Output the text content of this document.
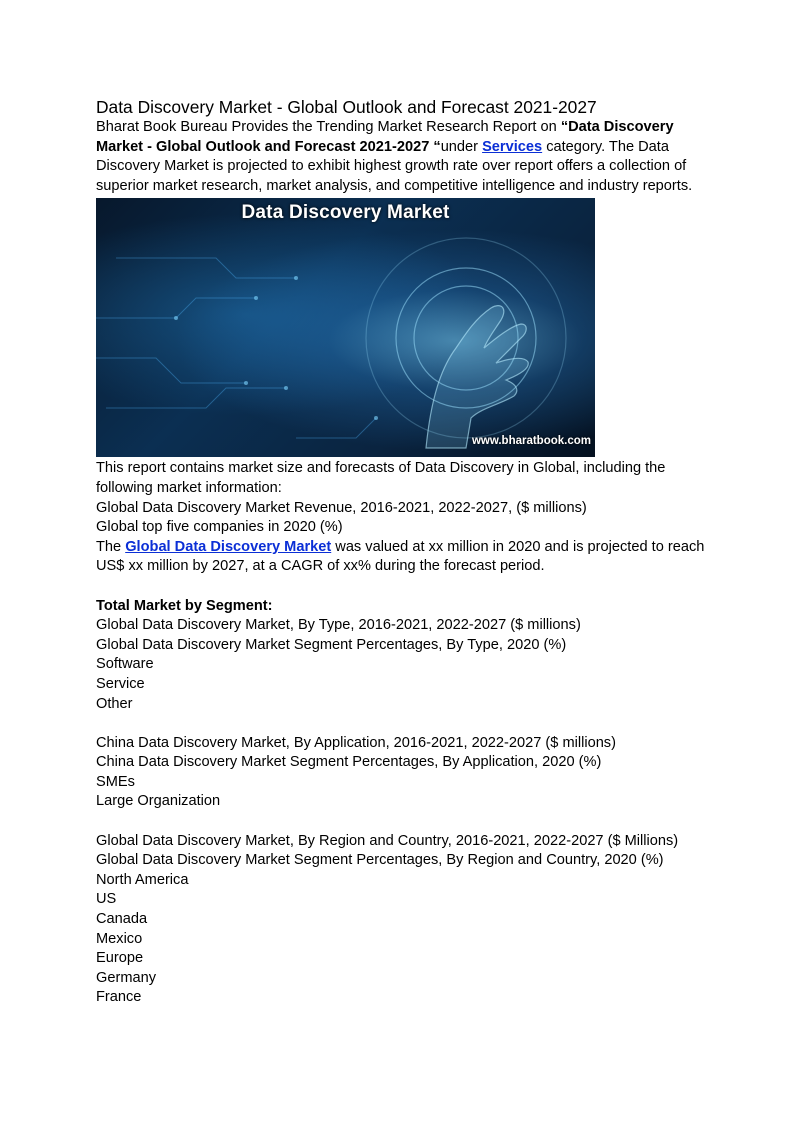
Data Discovery Market - Global Outlook and Forecast 2021-2027

Bharat Book Bureau Provides the Trending Market Research Report on “Data Discovery Market - Global Outlook and Forecast 2021-2027 “under Services category. The Data Discovery Market is projected to exhibit highest growth rate over report offers a collection of superior market research, market analysis, and competitive intelligence and industry reports.

Data Discovery Market
www.bharatbook.com

This report contains market size and forecasts of Data Discovery in Global, including the following market information:

Global Data Discovery Market Revenue, 2016-2021, 2022-2027, ($ millions)

Global top five companies in 2020 (%)

The Global Data Discovery Market was valued at xx million in 2020 and is projected to reach US$ xx million by 2027, at a CAGR of xx% during the forecast period.

Total Market by Segment:

Global Data Discovery Market, By Type, 2016-2021, 2022-2027 ($ millions)

Global Data Discovery Market Segment Percentages, By Type, 2020 (%)

Software

Service

Other

China Data Discovery Market, By Application, 2016-2021, 2022-2027 ($ millions)

China Data Discovery Market Segment Percentages, By Application, 2020 (%)

SMEs

Large Organization

Global Data Discovery Market, By Region and Country, 2016-2021, 2022-2027 ($ Millions)

Global Data Discovery Market Segment Percentages, By Region and Country, 2020 (%)

North America

US

Canada

Mexico

Europe

Germany

France
